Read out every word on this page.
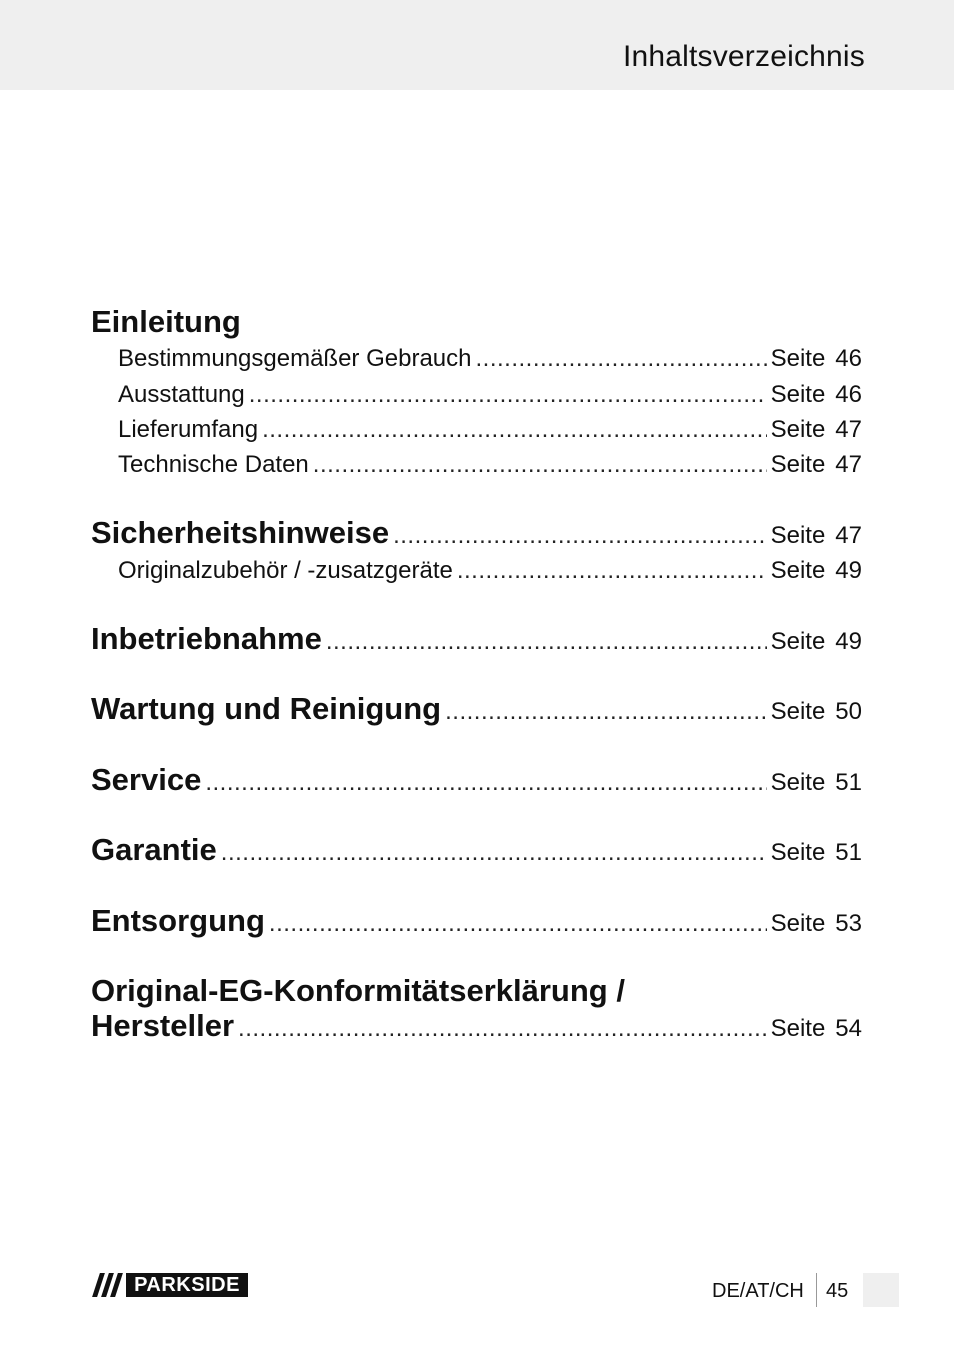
Inhaltsverzeichnis
Einleitung
Bestimmungsgemäßer Gebrauch .....	Seite 46
Ausstattung .....	Seite 46
Lieferumfang .....	Seite 47
Technische Daten .....	Seite 47
Sicherheitshinweise .....	Seite 47
Originalzubehör / -zusatzgeräte .....	Seite 49
Inbetriebnahme .....	Seite 49
Wartung und Reinigung .....	Seite 50
Service .....	Seite 51
Garantie .....	Seite 51
Entsorgung .....	Seite 53
Original-EG-Konformitätserklärung /
Hersteller .....	Seite 54
PARKSIDE	DE/AT/CH 45
